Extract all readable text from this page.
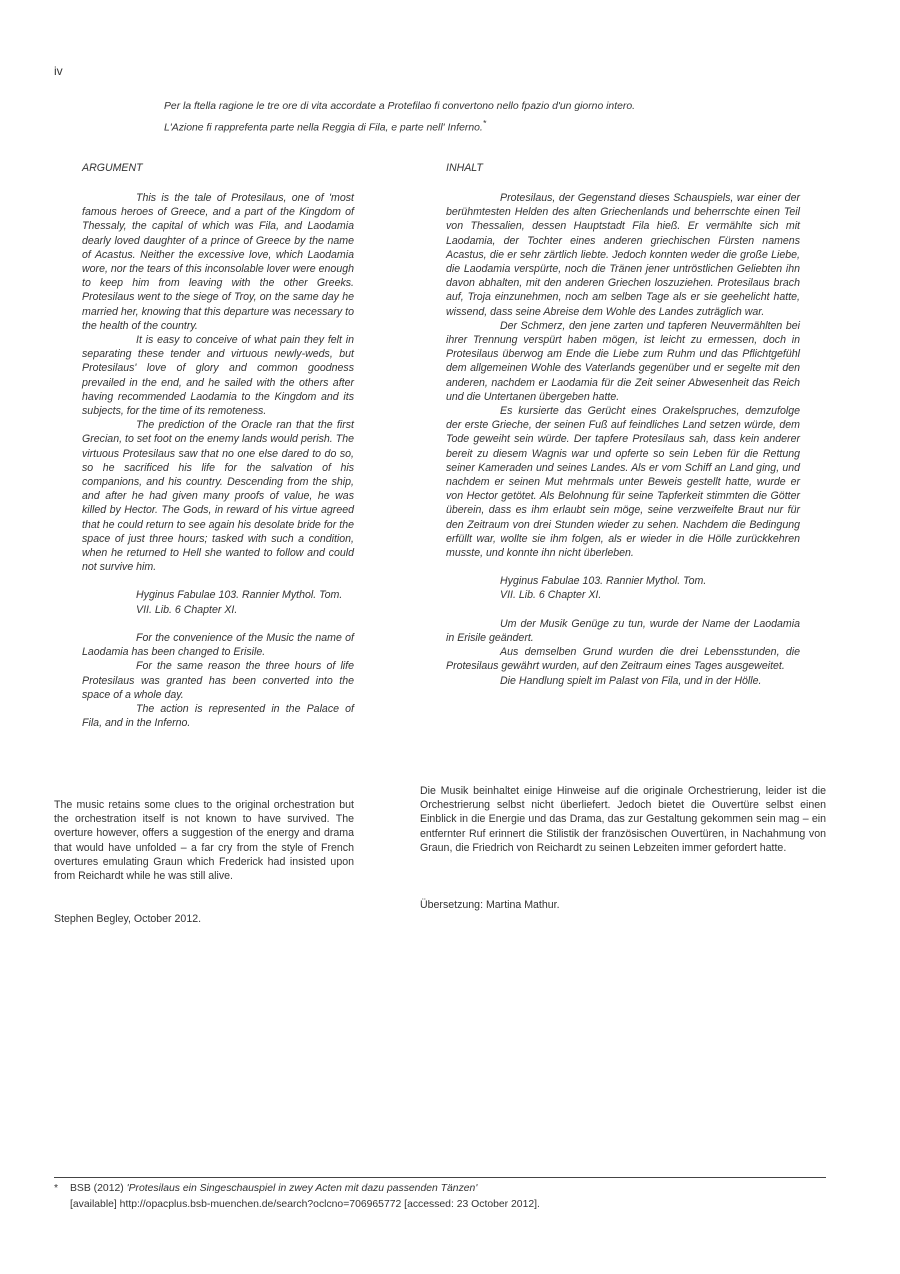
iv

Per la ftella ragione le tre ore di vita accordate a Protefilao fi convertono nello fpazio d'un giorno intero.

L'Azione fi rapprefenta parte nella Reggia di Fila, e parte nell' Inferno.*

ARGUMENT

This is the tale of Protesilaus, one of 'most famous heroes of Greece, and a part of the Kingdom of Thessaly, the capital of which was Fila, and Laodamia dearly loved daughter of a prince of Greece by the name of Acastus. Neither the excessive love, which Laodamia wore, nor the tears of this inconsolable lover were enough to keep him from leaving with the other Greeks. Protesilaus went to the siege of Troy, on the same day he married her, knowing that this departure was necessary to the health of the country.

It is easy to conceive of what pain they felt in separating these tender and virtuous newly-weds, but Protesilaus' love of glory and common goodness prevailed in the end, and he sailed with the others after having recommended Laodamia to the Kingdom and its subjects, for the time of its remoteness.

The prediction of the Oracle ran that the first Grecian, to set foot on the enemy lands would perish. The virtuous Protesilaus saw that no one else dared to do so, so he sacrificed his life for the salvation of his companions, and his country. Descending from the ship, and after he had given many proofs of value, he was killed by Hector. The Gods, in reward of his virtue agreed that he could return to see again his desolate bride for the space of just three hours; tasked with such a condition, when he returned to Hell she wanted to follow and could not survive him.

Hyginus Fabulae 103. Rannier Mythol. Tom.
VII. Lib. 6 Chapter XI.

For the convenience of the Music the name of Laodamia has been changed to Erisile.

For the same reason the three hours of life Protesilaus was granted has been converted into the space of a whole day.

The action is represented in the Palace of Fila, and in the Inferno.

The music retains some clues to the original orchestration but the orchestration itself is not known to have survived. The overture however, offers a suggestion of the energy and drama that would have unfolded – a far cry from the style of French overtures emulating Graun which Frederick had insisted upon from Reichardt while he was still alive.
Stephen Begley, October 2012.
INHALT

Protesilaus, der Gegenstand dieses Schauspiels, war einer der berühmtesten Helden des alten Griechenlands und beherrschte einen Teil von Thessalien, dessen Hauptstadt Fila hieß. Er vermählte sich mit Laodamia, der Tochter eines anderen griechischen Fürsten namens Acastus, die er sehr zärtlich liebte. Jedoch konnten weder die große Liebe, die Laodamia verspürte, noch die Tränen jener untröstlichen Geliebten ihn davon abhalten, mit den anderen Griechen loszuziehen. Protesilaus brach auf, Troja einzunehmen, noch am selben Tage als er sie geehelicht hatte, wissend, dass seine Abreise dem Wohle des Landes zuträglich war.

Der Schmerz, den jene zarten und tapferen Neuvermählten bei ihrer Trennung verspürt haben mögen, ist leicht zu ermessen, doch in Protesilaus überwog am Ende die Liebe zum Ruhm und das Pflichtgefühl dem allgemeinen Wohle des Vaterlands gegenüber und er segelte mit den anderen, nachdem er Laodamia für die Zeit seiner Abwesenheit das Reich und die Untertanen übergeben hatte.

Es kursierte das Gerücht eines Orakelspruches, demzufolge der erste Grieche, der seinen Fuß auf feindliches Land setzen würde, dem Tode geweiht sein würde. Der tapfere Protesilaus sah, dass kein anderer bereit zu diesem Wagnis war und opferte so sein Leben für die Rettung seiner Kameraden und seines Landes. Als er vom Schiff an Land ging, und nachdem er seinen Mut mehrmals unter Beweis gestellt hatte, wurde er von Hector getötet. Als Belohnung für seine Tapferkeit stimmten die Götter überein, dass es ihm erlaubt sein möge, seine verzweifelte Braut nur für den Zeitraum von drei Stunden wieder zu sehen. Nachdem die Bedingung erfüllt war, wollte sie ihm folgen, als er wieder in die Hölle zurückkehren musste, und konnte ihn nicht überleben.

Hyginus Fabulae 103. Rannier Mythol. Tom.
VII. Lib. 6 Chapter XI.

Um der Musik Genüge zu tun, wurde der Name der Laodamia in Erisile geändert.

Aus demselben Grund wurden die drei Lebensstunden, die Protesilaus gewährt wurden, auf den Zeitraum eines Tages ausgeweitet.

Die Handlung spielt im Palast von Fila, und in der Hölle.

Die Musik beinhaltet einige Hinweise auf die originale Orchestrierung, leider ist die Orchestrierung selbst nicht überliefert. Jedoch bietet die Ouvertüre selbst einen Einblick in die Energie und das Drama, das zur Gestaltung gekommen sein mag – ein entfernter Ruf erinnert die Stilistik der französischen Ouvertüren, in Nachahmung von Graun, die Friedrich von Reichardt zu seinen Lebzeiten immer gefordert hatte.
Übersetzung: Martina Mathur.
* BSB (2012) 'Protesilaus ein Singeschauspiel in zwey Acten mit dazu passenden Tänzen'
[available] http://opacplus.bsb-muenchen.de/search?oclcno=706965772 [accessed: 23 October 2012].
